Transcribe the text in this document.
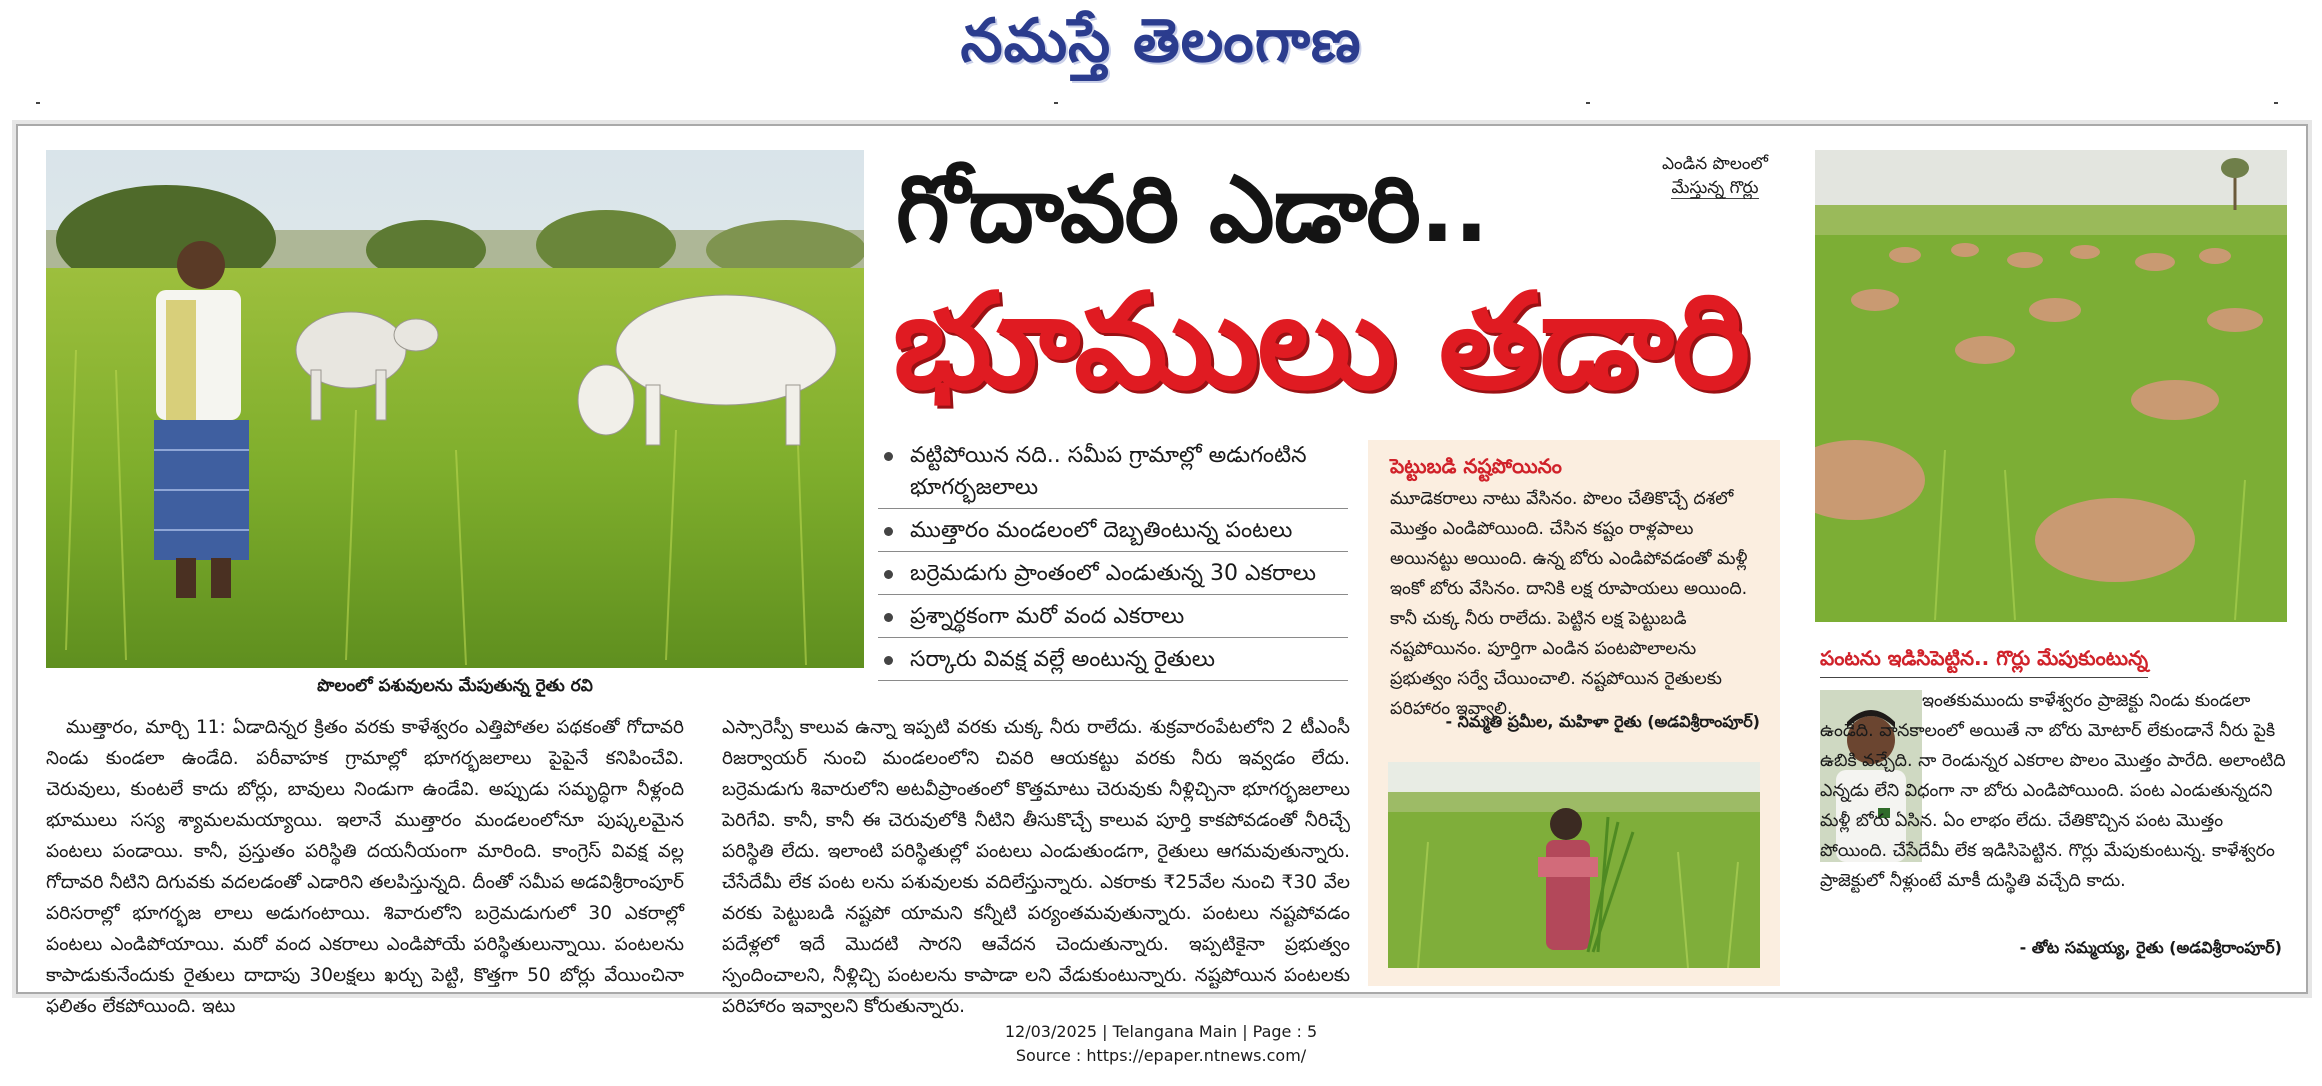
నమస్తే తెలంగాణ
పొలంలో పశువులను మేపుతున్న రైతు రవి
గోదావరి ఎడారి..
భూములు తడారి
ఎండిన పొలంలో
మేస్తున్న గొర్లు
వట్టిపోయిన నది.. సమీప గ్రామాల్లో అడుగంటిన భూగర్భజలాలు
ముత్తారం మండలంలో దెబ్బతింటున్న పంటలు
బర్రెమడుగు ప్రాంతంలో ఎండుతున్న 30 ఎకరాలు
ప్రశ్నార్థకంగా మరో వంద ఎకరాలు
సర్కారు వివక్ష వల్లే అంటున్న రైతులు
ముత్తారం, మార్చి 11: ఏడాదిన్నర క్రితం వరకు కాళేశ్వరం ఎత్తిపోతల పథకంతో గోదావరి నిండు కుండలా ఉండేది. పరీవాహక గ్రామాల్లో భూగర్భజలాలు పైపైనే కనిపించేవి. చెరువులు, కుంటలే కాదు బోర్లు, బావులు నిండుగా ఉండేవి. అప్పుడు సమృద్ధిగా నీళ్లంది భూములు సస్య శ్యామలమయ్యాయి. ఇలానే ముత్తారం మండలంలోనూ పుష్కలమైన పంటలు పండాయి. కానీ, ప్రస్తుతం పరిస్థితి దయనీయంగా మారింది. కాంగ్రెస్ వివక్ష వల్ల గోదావరి నీటిని దిగువకు వదలడంతో ఎడారిని తలపిస్తున్నది. దీంతో సమీప అడవిశ్రీరాంపూర్ పరిసరాల్లో భూగర్భజ లాలు అడుగంటాయి. శివారులోని బర్రెమడుగులో 30 ఎకరాల్లో పంటలు ఎండిపోయాయి. మరో వంద ఎకరాలు ఎండిపోయే పరిస్థితులున్నాయి. పంటలను కాపాడుకునేందుకు రైతులు దాదాపు 30లక్షలు ఖర్చు పెట్టి, కొత్తగా 50 బోర్లు వేయించినా ఫలితం లేకపోయింది. ఇటు
ఎస్సారెస్పీ కాలువ ఉన్నా ఇప్పటి వరకు చుక్క నీరు రాలేదు. శుక్రవారంపేటలోని 2 టీఎంసీ రిజర్వాయర్ నుంచి మండలంలోని చివరి ఆయకట్టు వరకు నీరు ఇవ్వడం లేదు. బర్రెమడుగు శివారులోని అటవీప్రాంతంలో కొత్తమాటు చెరువుకు నీళ్లిచ్చినా భూగర్భజలాలు పెరిగేవి. కానీ, కానీ ఈ చెరువులోకి నీటిని తీసుకొచ్చే కాలువ పూర్తి కాకపోవడంతో నీరిచ్చే పరిస్థితి లేదు. ఇలాంటి పరిస్థితుల్లో పంటలు ఎండుతుండగా, రైతులు ఆగమవుతున్నారు. చేసేదేమీ లేక పంట లను పశువులకు వదిలేస్తున్నారు. ఎకరాకు ₹25వేల నుంచి ₹30 వేల వరకు పెట్టుబడి నష్టపో యామని కన్నీటి పర్యంతమవుతున్నారు. పంటలు నష్టపోవడం పదేళ్లలో ఇదే మొదటి సారని ఆవేదన చెందుతున్నారు. ఇప్పటికైనా ప్రభుత్వం స్పందించాలని, నీళ్లిచ్చి పంటలను కాపాడా లని వేడుకుంటున్నారు. నష్టపోయిన పంటలకు పరిహారం ఇవ్వాలని కోరుతున్నారు.
పెట్టుబడి నష్టపోయినం
మూడెకరాలు నాటు వేసినం. పొలం చేతికొచ్చే దశలో మొత్తం ఎండిపోయింది. చేసిన కష్టం రాళ్లపాలు అయినట్టు అయింది. ఉన్న బోరు ఎండిపోవడంతో మళ్లీ ఇంకో బోరు వేసినం. దానికి లక్ష రూపాయలు అయింది. కానీ చుక్క నీరు రాలేదు. పెట్టిన లక్ష పెట్టుబడి నష్టపోయినం. పూర్తిగా ఎండిన పంటపొలాలను ప్రభుత్వం సర్వే చేయించాలి. నష్టపోయిన రైతులకు పరిహారం ఇవ్వాలి.
- నిమ్మతి ప్రమీల, మహిళా రైతు (అడవిశ్రీరాంపూర్)
పంటను ఇడిసిపెట్టిన.. గొర్లు మేపుకుంటున్న
ఇంతకుముందు కాళేశ్వరం ప్రాజెక్టు నిండు కుండలా ఉండేది. వానకాలంలో అయితే నా బోరు మోటార్ లేకుండానే నీరు పైకి ఉబికి వచ్చేది. నా రెండున్నర ఎకరాల పొలం మొత్తం పారేది. అలాంటిది ఎన్నడు లేని విధంగా నా బోరు ఎండిపోయింది. పంట ఎండుతున్నదని మళ్లీ బోరు ఏసిన. ఏం లాభం లేదు. చేతికొచ్చిన పంట మొత్తం పోయింది. చేసేదేమీ లేక ఇడిసిపెట్టిన. గొర్లు మేపుకుంటున్న. కాళేశ్వరం ప్రాజెక్టులో నీళ్లుంటే మాకీ దుస్థితి వచ్చేది కాదు.
- తోట సమ్మయ్య, రైతు (అడవిశ్రీరాంపూర్)
12/03/2025 | Telangana Main | Page : 5
Source : https://epaper.ntnews.com/
